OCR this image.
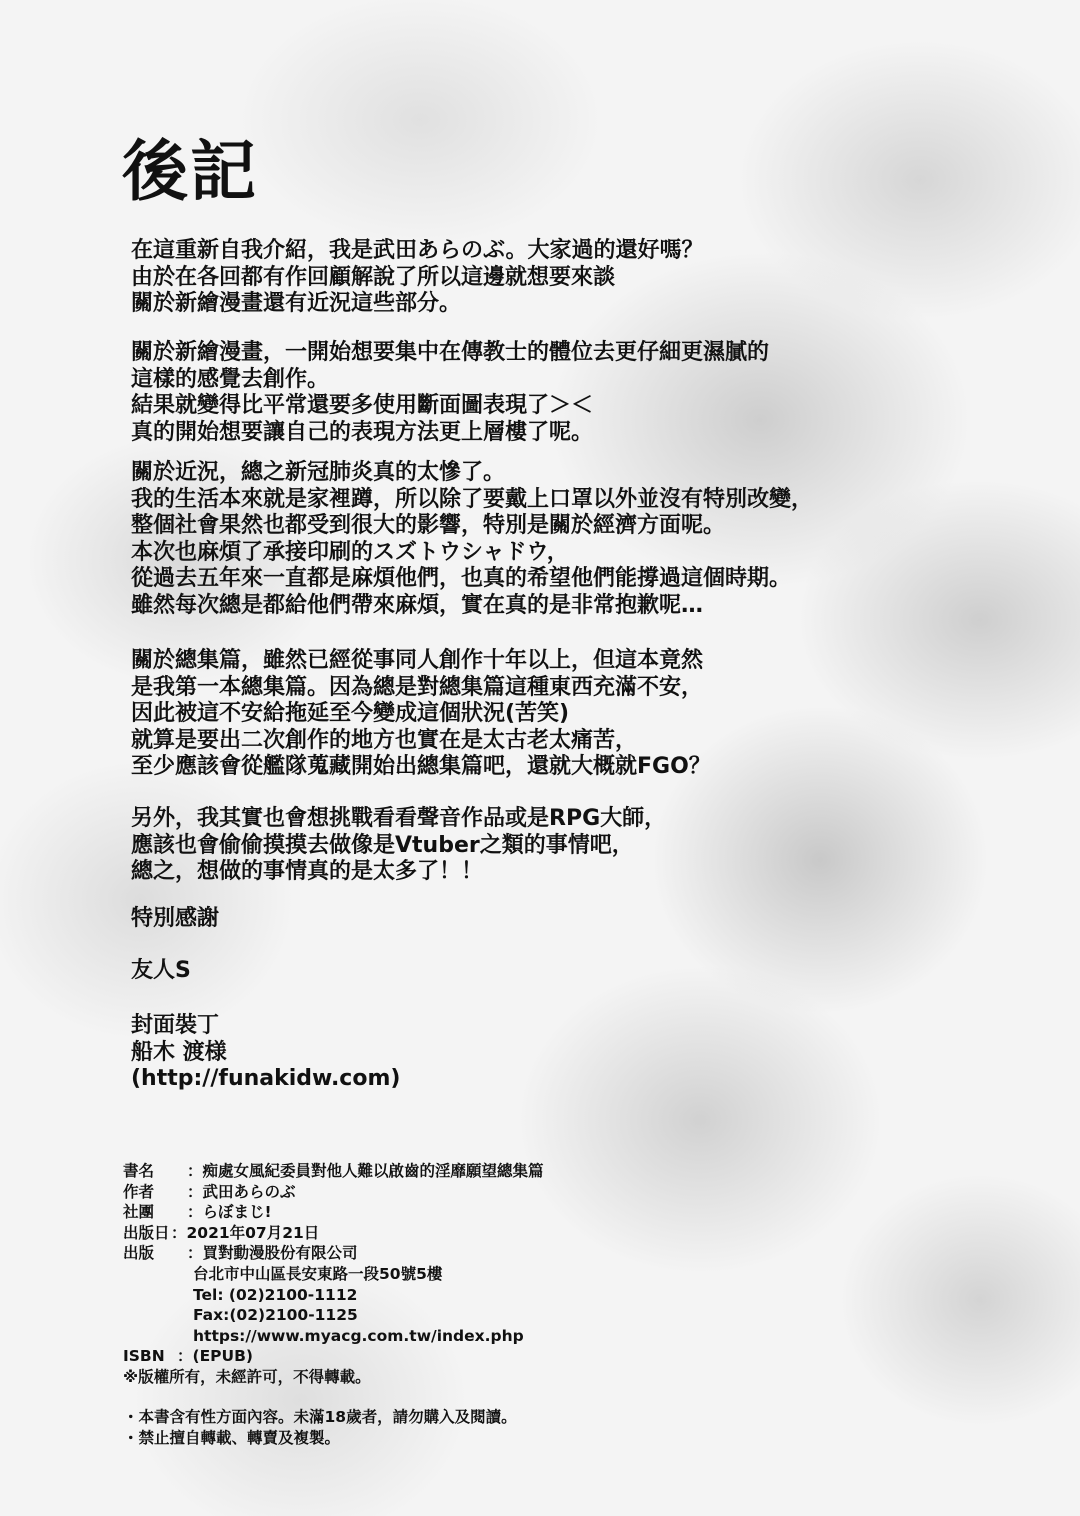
後記
在這重新自我介紹，我是武田あらのぶ。大家過的還好嗎？
由於在各回都有作回顧解說了所以這邊就想要來談
關於新繪漫畫還有近況這些部分。
關於新繪漫畫，一開始想要集中在傳教士的體位去更仔細更濕膩的
這樣的感覺去創作。
結果就變得比平常還要多使用斷面圖表現了＞＜
真的開始想要讓自己的表現方法更上層樓了呢。
關於近況，總之新冠肺炎真的太慘了。
我的生活本來就是家裡蹲，所以除了要戴上口罩以外並沒有特別改變，
整個社會果然也都受到很大的影響，特別是關於經濟方面呢。
本次也麻煩了承接印刷的スズトウシャドウ，
從過去五年來一直都是麻煩他們，也真的希望他們能撐過這個時期。
雖然每次總是都給他們帶來麻煩，實在真的是非常抱歉呢…
關於總集篇，雖然已經從事同人創作十年以上，但這本竟然
是我第一本總集篇。因為總是對總集篇這種東西充滿不安，
因此被這不安給拖延至今變成這個狀況(苦笑)
就算是要出二次創作的地方也實在是太古老太痛苦，
至少應該會從艦隊蒐藏開始出總集篇吧，還就大概就FGO？
另外，我其實也會想挑戰看看聲音作品或是RPG大師，
應該也會偷偷摸摸去做像是Vtuber之類的事情吧，
總之，想做的事情真的是太多了！！
特別感謝
友人S
封面裝丁
船木 渡様
(http://funakidw.com)
書名	：痴處女風紀委員對他人難以啟齒的淫靡願望總集篇
作者	：武田あらのぶ
社團	：らぼまじ!
出版日 ：2021年07月21日
出版	：買對動漫股份有限公司
台北市中山區長安東路一段50號5樓
Tel: (02)2100-1112
Fax:(02)2100-1125
https://www.myacg.com.tw/index.php
ISBN ：(EPUB)
※版權所有，未經許可，不得轉載。
・本書含有性方面內容。未滿18歲者，請勿購入及閱讀。
・禁止擅自轉載、轉賣及複製。
